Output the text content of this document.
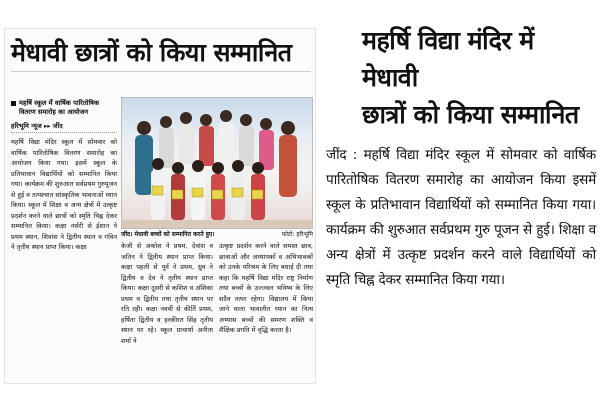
मेधावी छात्रों को किया सम्मानित
महर्षि स्कूल में वार्षिक पारितोषिक वितरण समारोह का आयोजन
हरिभूमि न्यूज ▸▸ जींद
महर्षि विद्या मंदिर स्कूल में सोमवार को वार्षिक पारितोषिक वितरण समारोह का आयोजन किया गया। इसमें स्कूल के प्रतिभावान विद्यार्थियों को सम्मानित किया गया। कार्यक्रम की शुरुआत सर्वप्रथम गुरुपूजन से हुई व तत्पश्चात सांस्कृतिक भावनाओं ध्यान किया। स्कूल में शिक्षा व अन्य क्षेत्रों में उत्कृष्ट प्रदर्शन करने वाले छात्रों को स्मृति चिह्न देकर सम्मानित किया। कक्षा नर्सरी से ईशान ने प्रथम स्थान, शिवांश ने द्वितीय स्थान व गविन ने तृतीय स्थान प्राप्त किया। कक्षा
जींद। मेधावी बच्चों को सम्मानित करते हुए।	फोटो: हरिभूमि
केजी से अकोश ने प्रथम, देवांश व जतिन ने द्वितीय स्थान प्राप्त किया। कक्षा पहली से पूर्व ने प्रथम, ध्रुव ने द्वितीय व देव ने तृतीय स्थान प्राप्त किया। कक्षा दूसरी से कशिश व अंशिका प्रथम व द्वितीय तथा तृतीय स्थान पर रति रही। कक्षा नववीं से कीर्ति प्रथम, हर्षिता द्वितीय व हरकीरत सिंह तृतीय स्थान पर रहे। स्कूल प्राचार्या अनीता शर्मा ने
उत्कृष्ट प्रदर्शन करने वाले समस्त छात्र, छात्राओं और अध्यापकों व अभिभावकों को उनके परिश्रम के लिए बधाई दी तथा कहा कि महर्षि विद्या मंदिर राष्ट्र निर्माण तथा बच्चों के उज्ज्वल भविष्य के लिए सदैव तत्पर रहेगा। विद्यालय में किया जाने वाला भावातीत ध्यान का नित्य अभ्यास बच्चों की समरण शक्ति व शैक्षिक प्रगति में वृद्धि करता है।
महर्षि विद्या मंदिर में मेधावी
छात्रों को किया सम्मानित
जींद : महर्षि विद्या मंदिर स्कूल में सोमवार को वार्षिक पारितोषिक वितरण समारोह का आयोजन किया इसमें स्कूल के प्रतिभावान विद्यार्थियों को सम्मानित किया गया। कार्यक्रम की शुरुआत सर्वप्रथम गुरु पूजन से हुई। शिक्षा व अन्य क्षेत्रों में उत्कृष्ट प्रदर्शन करने वाले विद्यार्थियों को स्मृति चिह्न देकर सम्मानित किया गया।
